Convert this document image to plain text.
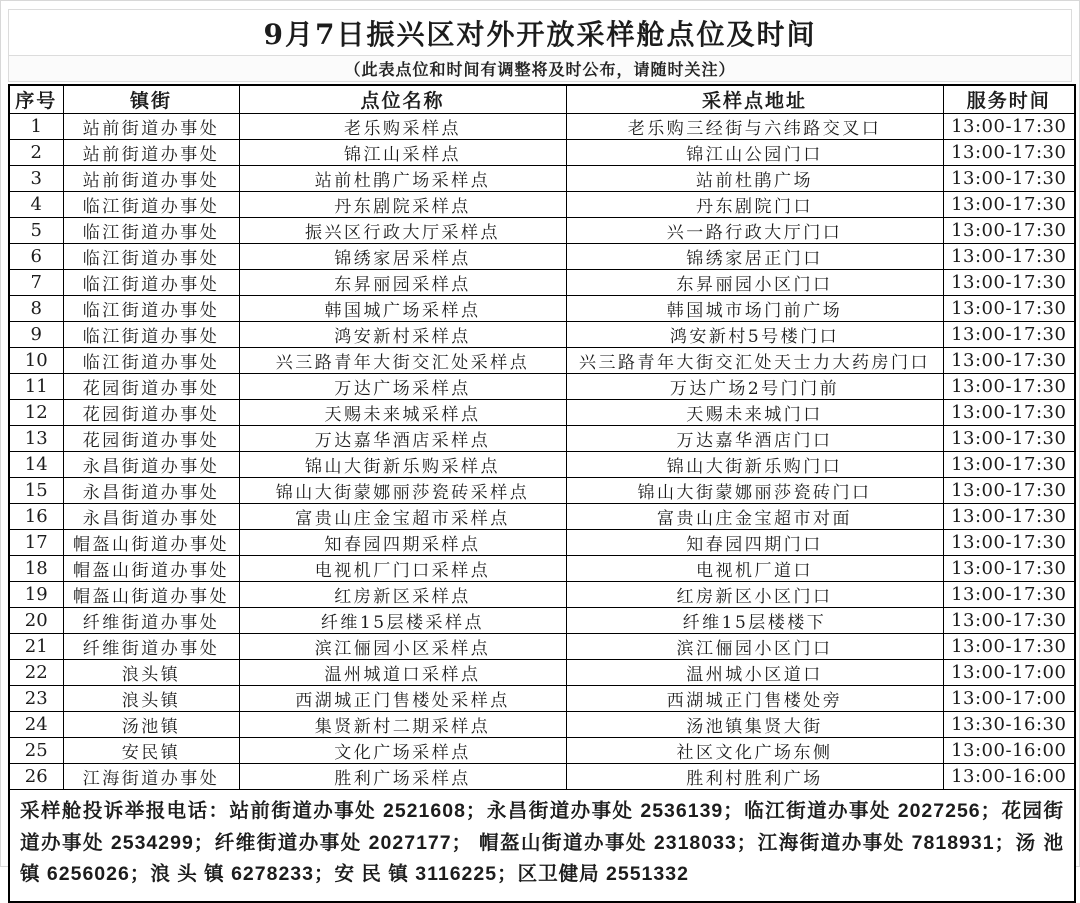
9月7日振兴区对外开放采样舱点位及时间
（此表点位和时间有调整将及时公布，请随时关注）
序号	镇街	点位名称	采样点地址	服务时间
1	站前街道办事处	老乐购采样点	老乐购三经街与六纬路交叉口	13:00-17:30
2	站前街道办事处	锦江山采样点	锦江山公园门口	13:00-17:30
3	站前街道办事处	站前杜鹃广场采样点	站前杜鹃广场	13:00-17:30
4	临江街道办事处	丹东剧院采样点	丹东剧院门口	13:00-17:30
5	临江街道办事处	振兴区行政大厅采样点	兴一路行政大厅门口	13:00-17:30
6	临江街道办事处	锦绣家居采样点	锦绣家居正门口	13:00-17:30
7	临江街道办事处	东昇丽园采样点	东昇丽园小区门口	13:00-17:30
8	临江街道办事处	韩国城广场采样点	韩国城市场门前广场	13:00-17:30
9	临江街道办事处	鸿安新村采样点	鸿安新村5号楼门口	13:00-17:30
10	临江街道办事处	兴三路青年大街交汇处采样点	兴三路青年大街交汇处天士力大药房门口	13:00-17:30
11	花园街道办事处	万达广场采样点	万达广场2号门门前	13:00-17:30
12	花园街道办事处	天赐未来城采样点	天赐未来城门口	13:00-17:30
13	花园街道办事处	万达嘉华酒店采样点	万达嘉华酒店门口	13:00-17:30
14	永昌街道办事处	锦山大街新乐购采样点	锦山大街新乐购门口	13:00-17:30
15	永昌街道办事处	锦山大街蒙娜丽莎瓷砖采样点	锦山大街蒙娜丽莎瓷砖门口	13:00-17:30
16	永昌街道办事处	富贵山庄金宝超市采样点	富贵山庄金宝超市对面	13:00-17:30
17	帽盔山街道办事处	知春园四期采样点	知春园四期门口	13:00-17:30
18	帽盔山街道办事处	电视机厂门口采样点	电视机厂道口	13:00-17:30
19	帽盔山街道办事处	红房新区采样点	红房新区小区门口	13:00-17:30
20	纤维街道办事处	纤维15层楼采样点	纤维15层楼楼下	13:00-17:30
21	纤维街道办事处	滨江俪园小区采样点	滨江俪园小区门口	13:00-17:30
22	浪头镇	温州城道口采样点	温州城小区道口	13:00-17:00
23	浪头镇	西湖城正门售楼处采样点	西湖城正门售楼处旁	13:00-17:00
24	汤池镇	集贤新村二期采样点	汤池镇集贤大街	13:30-16:30
25	安民镇	文化广场采样点	社区文化广场东侧	13:00-16:00
26	江海街道办事处	胜利广场采样点	胜利村胜利广场	13:00-16:00
采样舱投诉举报电话：站前街道办事处 2521608；永昌街道办事处 2536139；临江街道办事处 2027256；花园街道办事处 2534299；纤维街道办事处 2027177； 帽盔山街道办事处 2318033；江海街道办事处 7818931；汤 池 镇 6256026；浪 头 镇 6278233；安 民 镇 3116225；区卫健局 2551332				
